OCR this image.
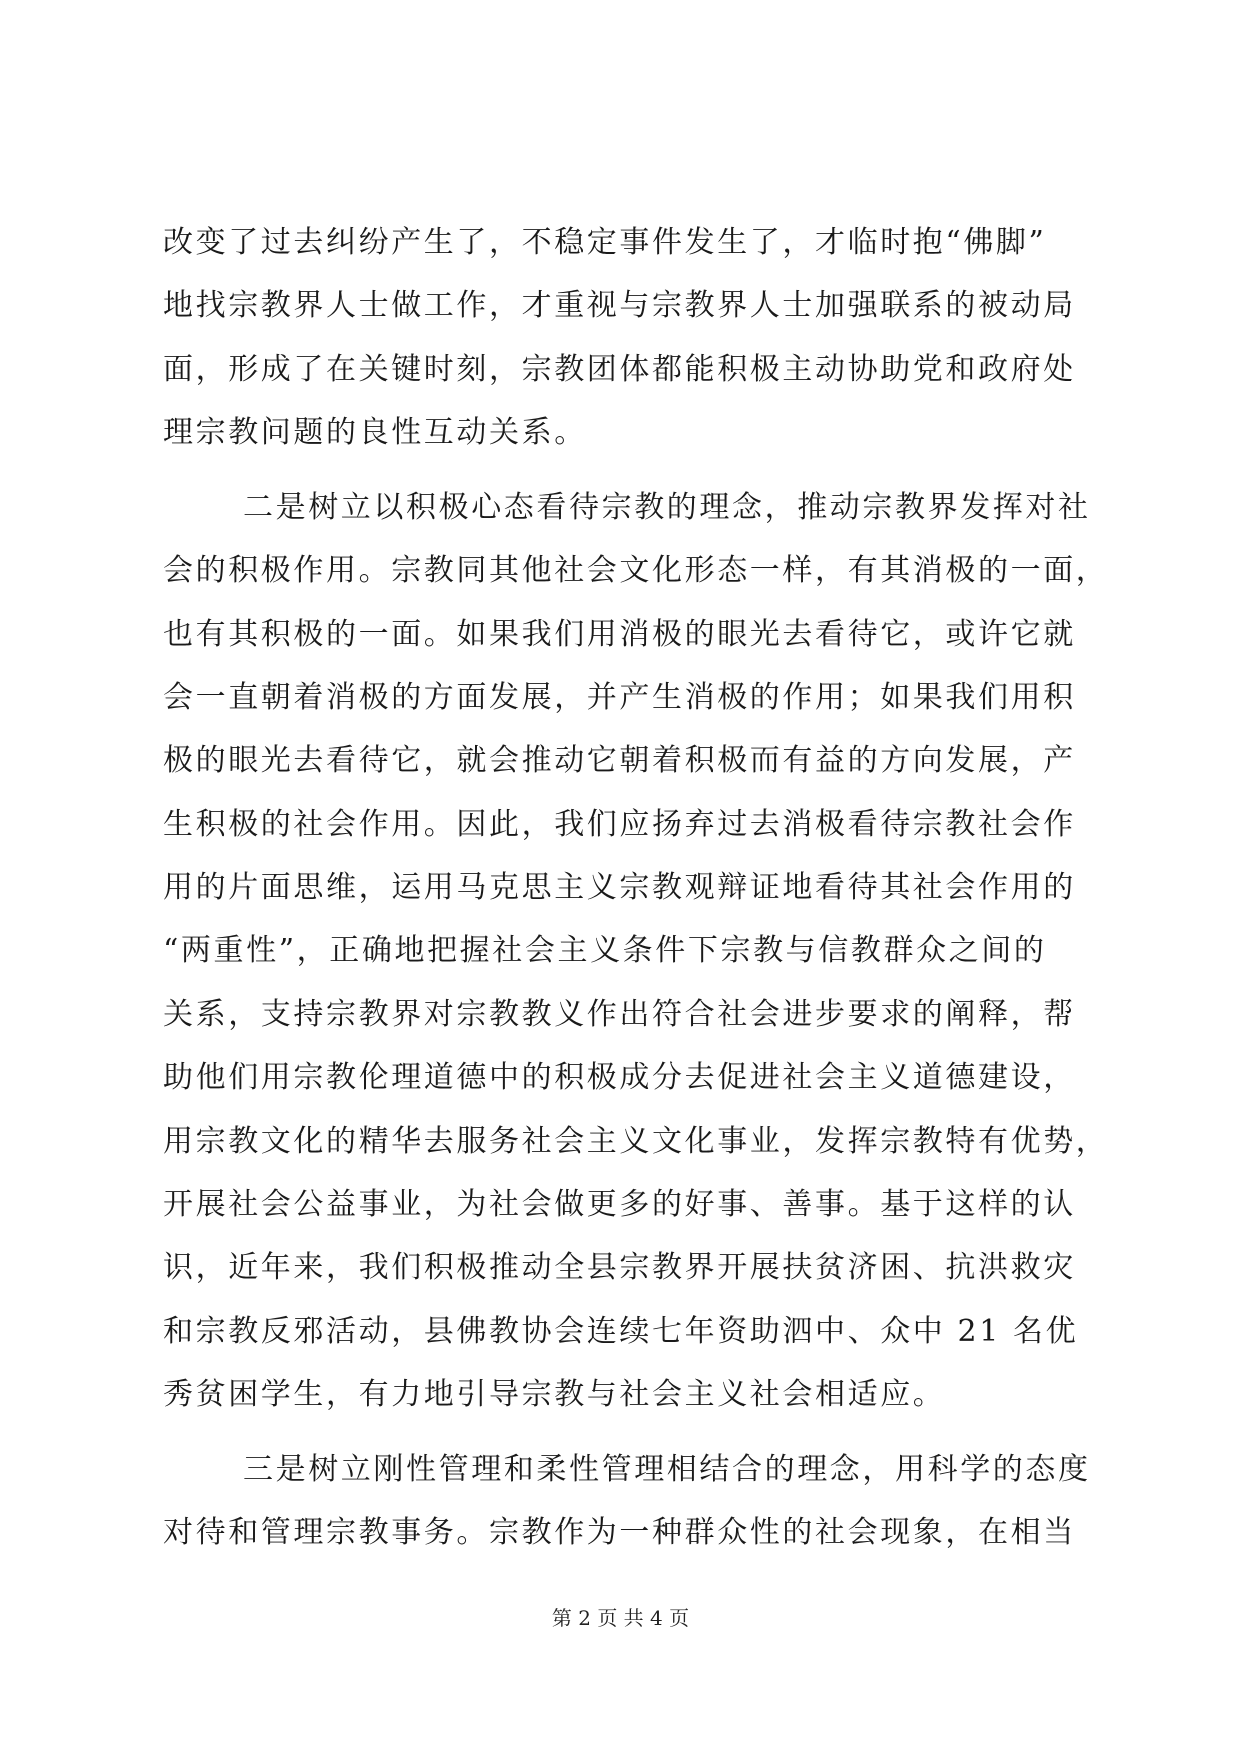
改变了过去纠纷产生了，不稳定事件发生了，才临时抱“佛脚”
地找宗教界人士做工作，才重视与宗教界人士加强联系的被动局
面，形成了在关键时刻，宗教团体都能积极主动协助党和政府处
理宗教问题的良性互动关系。
二是树立以积极心态看待宗教的理念，推动宗教界发挥对社
会的积极作用。宗教同其他社会文化形态一样，有其消极的一面，
也有其积极的一面。如果我们用消极的眼光去看待它，或许它就
会一直朝着消极的方面发展，并产生消极的作用；如果我们用积
极的眼光去看待它，就会推动它朝着积极而有益的方向发展，产
生积极的社会作用。因此，我们应扬弃过去消极看待宗教社会作
用的片面思维，运用马克思主义宗教观辩证地看待其社会作用的
“两重性”，正确地把握社会主义条件下宗教与信教群众之间的
关系，支持宗教界对宗教教义作出符合社会进步要求的阐释，帮
助他们用宗教伦理道德中的积极成分去促进社会主义道德建设，
用宗教文化的精华去服务社会主义文化事业，发挥宗教特有优势，
开展社会公益事业，为社会做更多的好事、善事。基于这样的认
识，近年来，我们积极推动全县宗教界开展扶贫济困、抗洪救灾
和宗教反邪活动，县佛教协会连续七年资助泗中、众中 21 名优
秀贫困学生，有力地引导宗教与社会主义社会相适应。
三是树立刚性管理和柔性管理相结合的理念，用科学的态度
对待和管理宗教事务。宗教作为一种群众性的社会现象，在相当
第 2 页 共 4 页
